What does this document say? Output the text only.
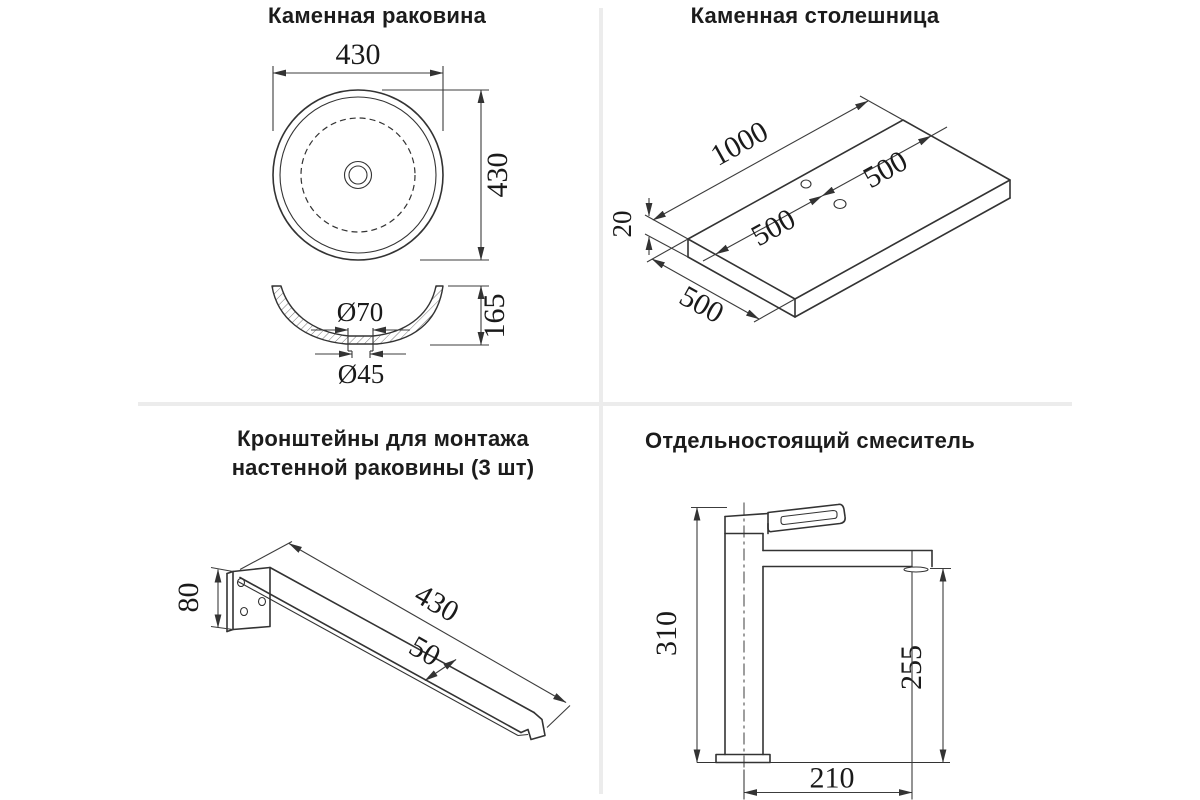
Каменная раковина
430
430
Ø70
Ø45
165
Каменная столешница
1000
500
500
20
500
Кронштейны для монтажа
настенной раковины (3 шт)
80	430
50
Отдельностоящий смеситель
310
255
210
